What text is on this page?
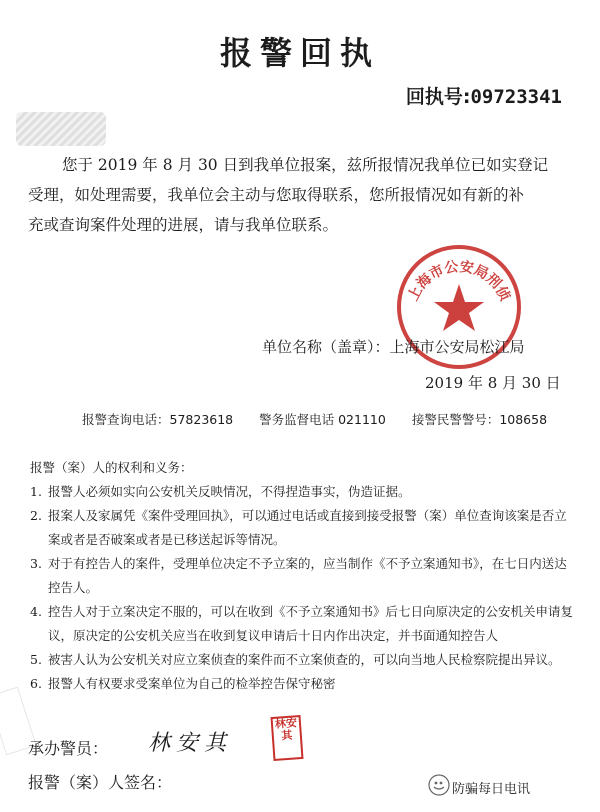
报警回执
回执号:09723341
您于 2019 年 8 月 30 日到我单位报案，兹所报情况我单位已如实登记
受理，如处理需要，我单位会主动与您取得联系，您所报情况如有新的补
充或查询案件处理的进展，请与我单位联系。
上海市公安局刑侦
单位名称（盖章）：上海市公安局松江局
2019 年 8 月 30 日
报警查询电话：57823618 警务监督电话 021110 接警民警警号：108658
报警（案）人的权利和义务：
1. 报警人必须如实向公安机关反映情况，不得捏造事实，伪造证据。
2. 报案人及家属凭《案件受理回执》，可以通过电话或直接到接受报警（案）单位查询该案是否立案或者是否破案或者是已移送起诉等情况。
3. 对于有控告人的案件，受理单位决定不予立案的，应当制作《不予立案通知书》，在七日内送达控告人。
4. 控告人对于立案决定不服的，可以在收到《不予立案通知书》后七日向原决定的公安机关申请复议，原决定的公安机关应当在收到复议申请后十日内作出决定，并书面通知控告人
5. 被害人认为公安机关对应立案侦查的案件而不立案侦查的，可以向当地人民检察院提出异议。
6. 报警人有权要求受案单位为自己的检举控告保守秘密
承办警员： 林安其
林安其
报警（案）人签名：	防骗每日电讯
